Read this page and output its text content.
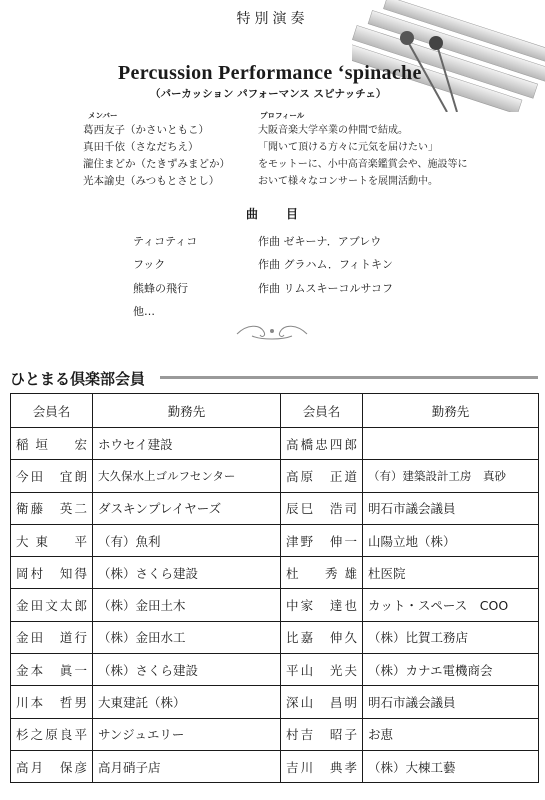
特別演奏
Percussion Performance ‘spinache
（パーカッション パフォーマンス スピナッチェ）
メンバー
葛西友子（かさいともこ）
真田千依（さなだちえ）
瀧住まどか（たきずみまどか）
光本諭史（みつもとさとし）
プロフィール
大阪音楽大学卒業の仲間で結成。
「聞いて頂ける方々に元気を届けたい」
をモットーに、小中高音楽鑑賞会や、施設等に
おいて様々なコンサートを展開活動中。
曲 目
ティコティコ	作曲 ゼキーナ．アブレウ
フック	作曲 グラハム．フィトキン
熊蜂の飛行	作曲 リムスキーコルサコフ
他…
ひとまる倶楽部会員
会員名	勤務先	会員名	勤務先
稲垣　宏	ホウセイ建設	高橋忠四郎	
今田　宜朗	大久保水上ゴルフセンター	高原　正道	（有）建築設計工房　真砂
衛藤　英二	ダスキンプレイヤーズ	辰巳　浩司	明石市議会議員
大東　平	（有）魚利	津野　伸一	山陽立地（株）
岡村　知得	（株）さくら建設	杜　秀雄	杜医院
金田文太郎	（株）金田土木	中家　達也	カット・スペース　COO
金田　道行	（株）金田水工	比嘉　伸久	（株）比賀工務店
金本　眞一	（株）さくら建設	平山　光夫	（株）カナエ電機商会
川本　哲男	大東建託（株）	深山　昌明	明石市議会議員
杉之原良平	サンジュエリー	村吉　昭子	お恵
高月　保彦	高月硝子店	吉川　典孝	（株）大棟工藝
